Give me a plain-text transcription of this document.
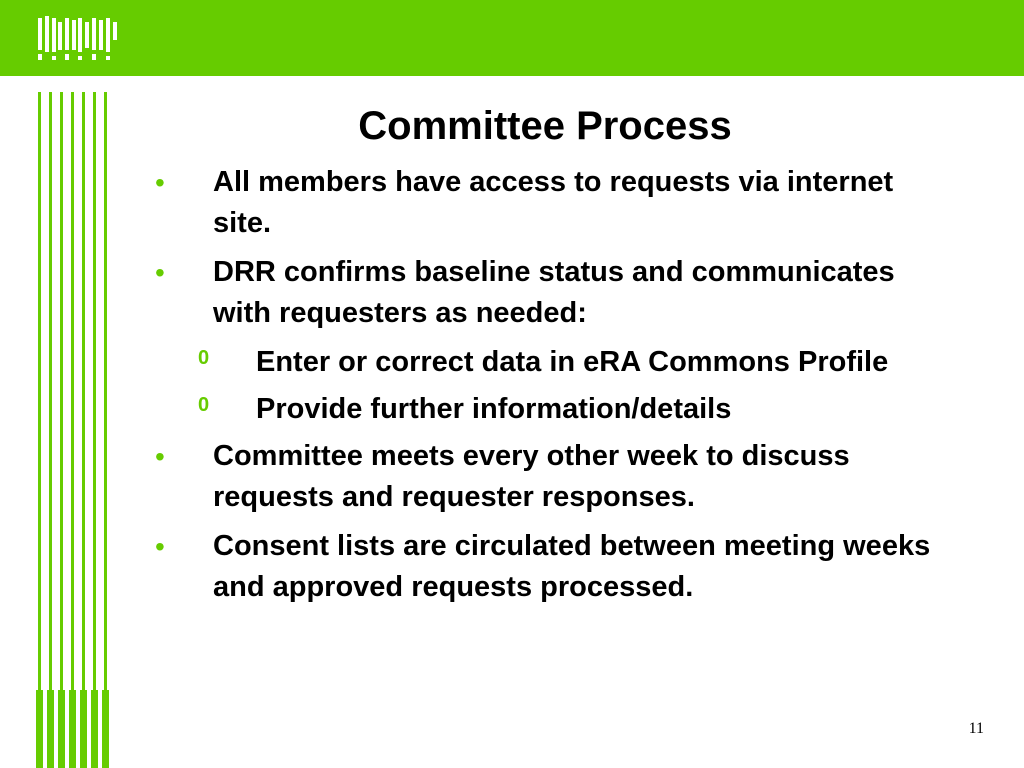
Committee Process
• All members have access to requests via internet site.
• DRR confirms baseline status and communicates with requesters as needed:
0 Enter or correct data in eRA Commons Profile
0 Provide further information/details
• Committee meets every other week to discuss requests and requester responses.
• Consent lists are circulated between meeting weeks and approved requests processed.
11
